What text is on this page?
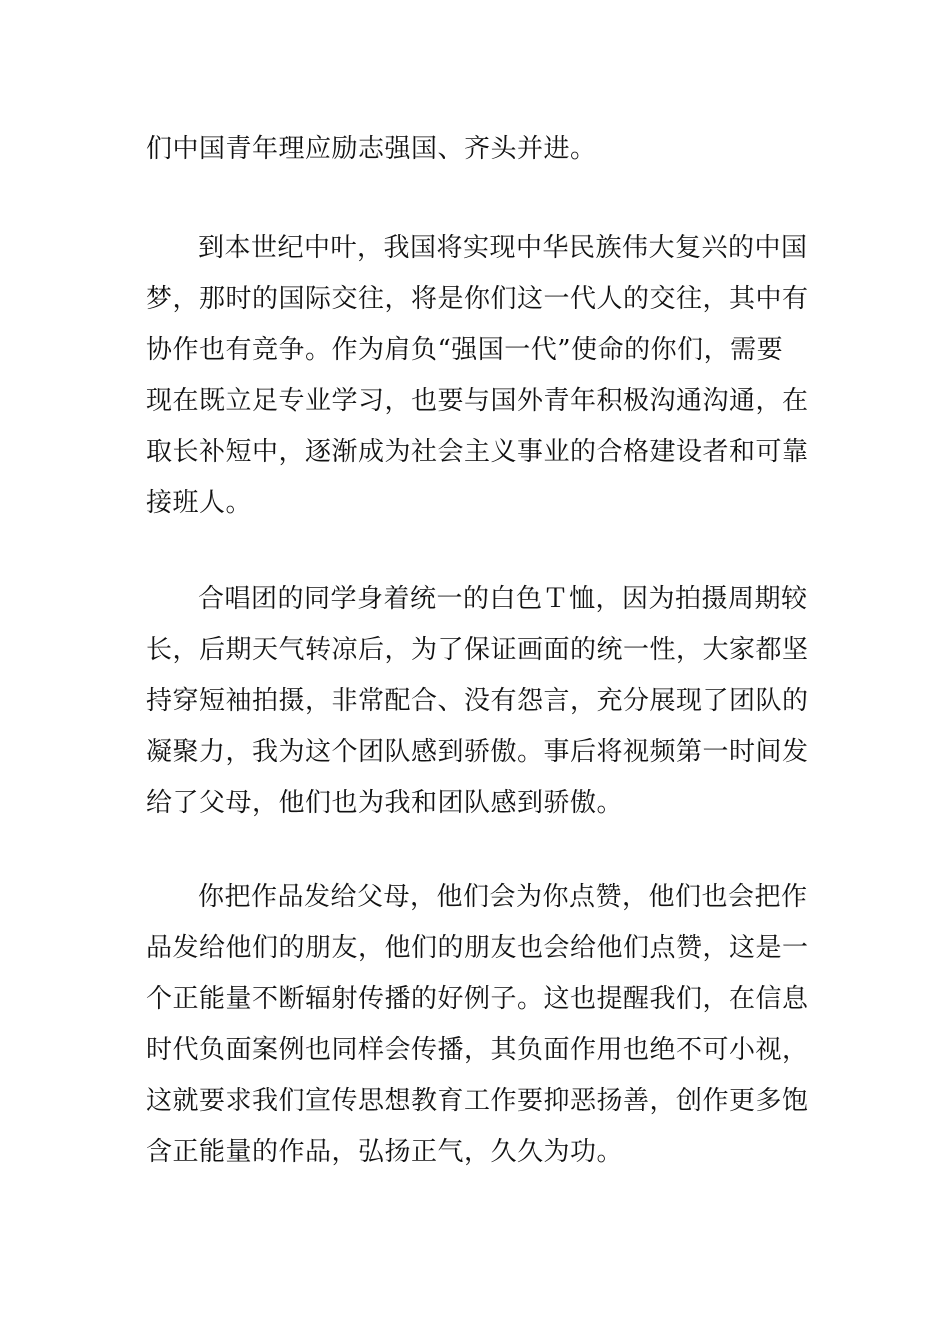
们中国青年理应励志强国、齐头并进。

到本世纪中叶，我国将实现中华民族伟大复兴的中国
梦，那时的国际交往，将是你们这一代人的交往，其中有
协作也有竞争。作为肩负“强国一代”使命的你们，需要
现在既立足专业学习，也要与国外青年积极沟通沟通，在
取长补短中，逐渐成为社会主义事业的合格建设者和可靠
接班人。

合唱团的同学身着统一的白色Ｔ恤，因为拍摄周期较
长，后期天气转凉后，为了保证画面的统一性，大家都坚
持穿短袖拍摄，非常配合、没有怨言，充分展现了团队的
凝聚力，我为这个团队感到骄傲。事后将视频第一时间发
给了父母，他们也为我和团队感到骄傲。

你把作品发给父母，他们会为你点赞，他们也会把作
品发给他们的朋友，他们的朋友也会给他们点赞，这是一
个正能量不断辐射传播的好例子。这也提醒我们，在信息
时代负面案例也同样会传播，其负面作用也绝不可小视，
这就要求我们宣传思想教育工作要抑恶扬善，创作更多饱
含正能量的作品，弘扬正气，久久为功。
